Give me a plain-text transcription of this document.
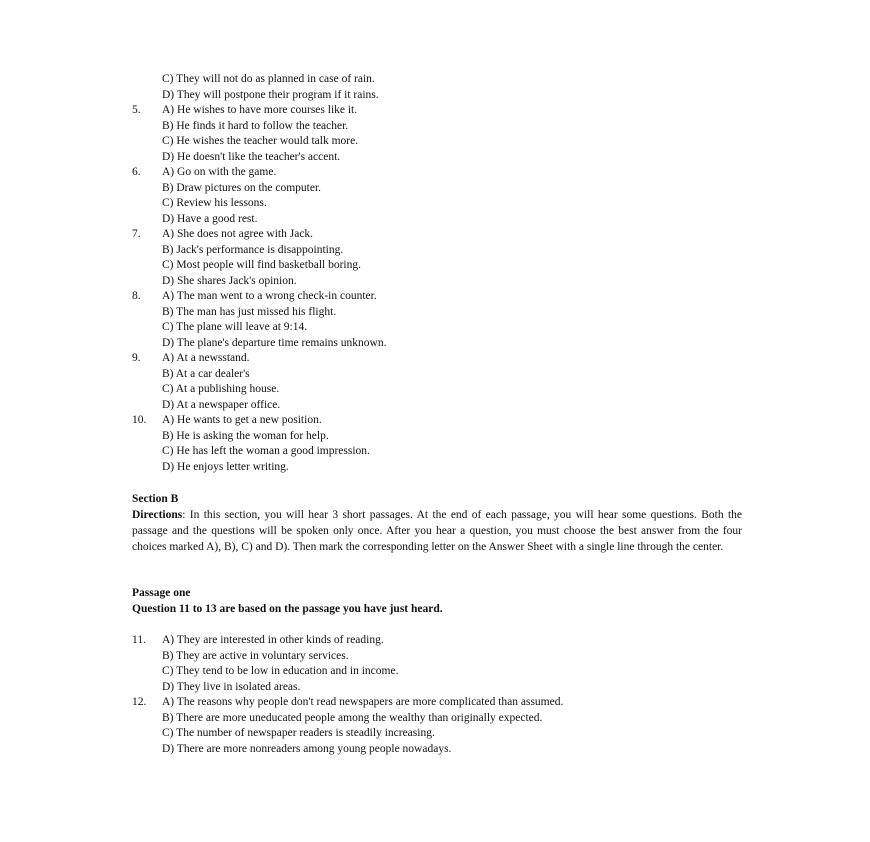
C) They will not do as planned in case of rain.
D) They will postpone their program if it rains.
5. A) He wishes to have more courses like it.
B) He finds it hard to follow the teacher.
C) He wishes the teacher would talk more.
D) He doesn't like the teacher's accent.
6. A) Go on with the game.
B) Draw pictures on the computer.
C) Review his lessons.
D) Have a good rest.
7. A) She does not agree with Jack.
B) Jack's performance is disappointing.
C) Most people will find basketball boring.
D) She shares Jack's opinion.
8. A) The man went to a wrong check-in counter.
B) The man has just missed his flight.
C) The plane will leave at 9:14.
D) The plane's departure time remains unknown.
9. A) At a newsstand.
B) At a car dealer's
C) At a publishing house.
D) At a newspaper office.
10. A) He wants to get a new position.
B) He is asking the woman for help.
C) He has left the woman a good impression.
D) He enjoys letter writing.
Section B
Directions: In this section, you will hear 3 short passages. At the end of each passage, you will hear some questions. Both the passage and the questions will be spoken only once. After you hear a question, you must choose the best answer from the four choices marked A), B), C) and D). Then mark the corresponding letter on the Answer Sheet with a single line through the center.
Passage one
Question 11 to 13 are based on the passage you have just heard.
11. A) They are interested in other kinds of reading.
B) They are active in voluntary services.
C) They tend to be low in education and in income.
D) They live in isolated areas.
12. A) The reasons why people don't read newspapers are more complicated than assumed.
B) There are more uneducated people among the wealthy than originally expected.
C) The number of newspaper readers is steadily increasing.
D) There are more nonreaders among young people nowadays.
